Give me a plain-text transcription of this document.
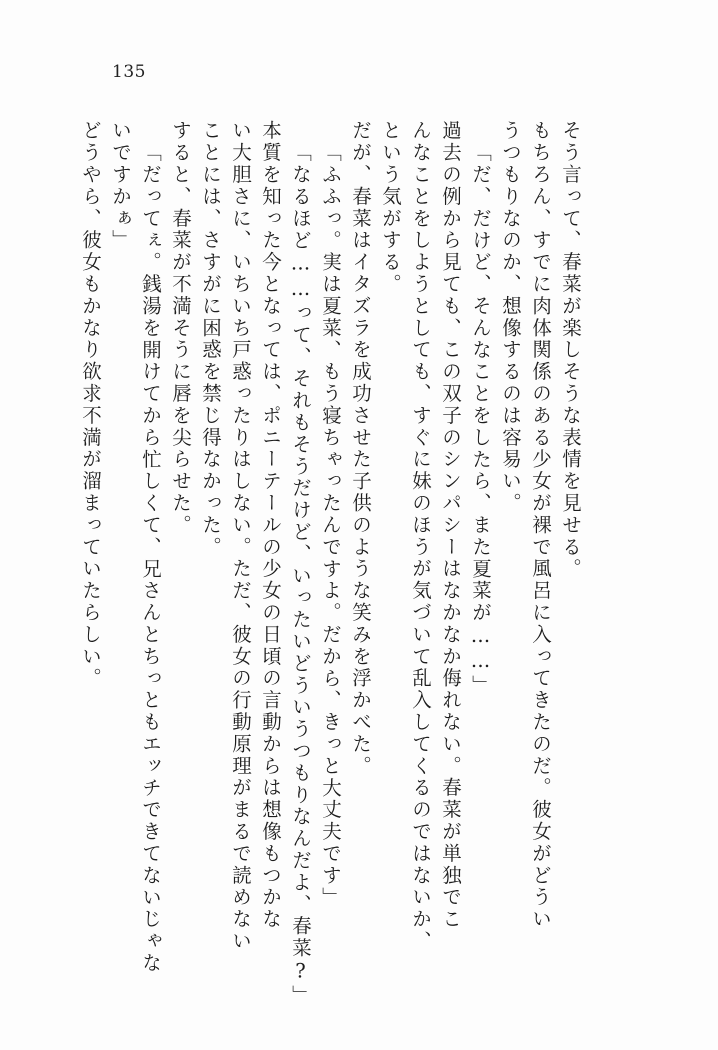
135
どうやら、彼女もかなり欲求不満が溜まっていたらしい。 いですかぁ」 「だってぇ。銭湯を開けてから忙しくて、兄さんとちっともエッチできてないじゃな すると、春菜が不満そうに唇を尖らせた。 ことには、さすがに困惑を禁じ得なかった。 い大胆さに、いちいち戸惑ったりはしない。ただ、彼女の行動原理がまるで読めない 本質を知った今となっては、ポニーテールの少女の日頃の言動からは想像もつかな 「なるほど……って、それもそうだけど、いったいどういうつもりなんだよ、春菜?」 「ふふっ。実は夏菜、もう寝ちゃったんですよ。だから、きっと大丈夫です」 だが、春菜はイタズラを成功させた子供のような笑みを浮かべた。 という気がする。 んなことをしようとしても、すぐに妹のほうが気づいて乱入してくるのではないか、 過去の例から見ても、この双子のシンパシーはなかなか侮れない。春菜が単独でこ 「だ、だけど、そんなことをしたら、また夏菜が……」 うつもりなのか、想像するのは容易い。 もちろん、すでに肉体関係のある少女が裸で風呂に入ってきたのだ。彼女がどうい そう言って、春菜が楽しそうな表情を見せる。
